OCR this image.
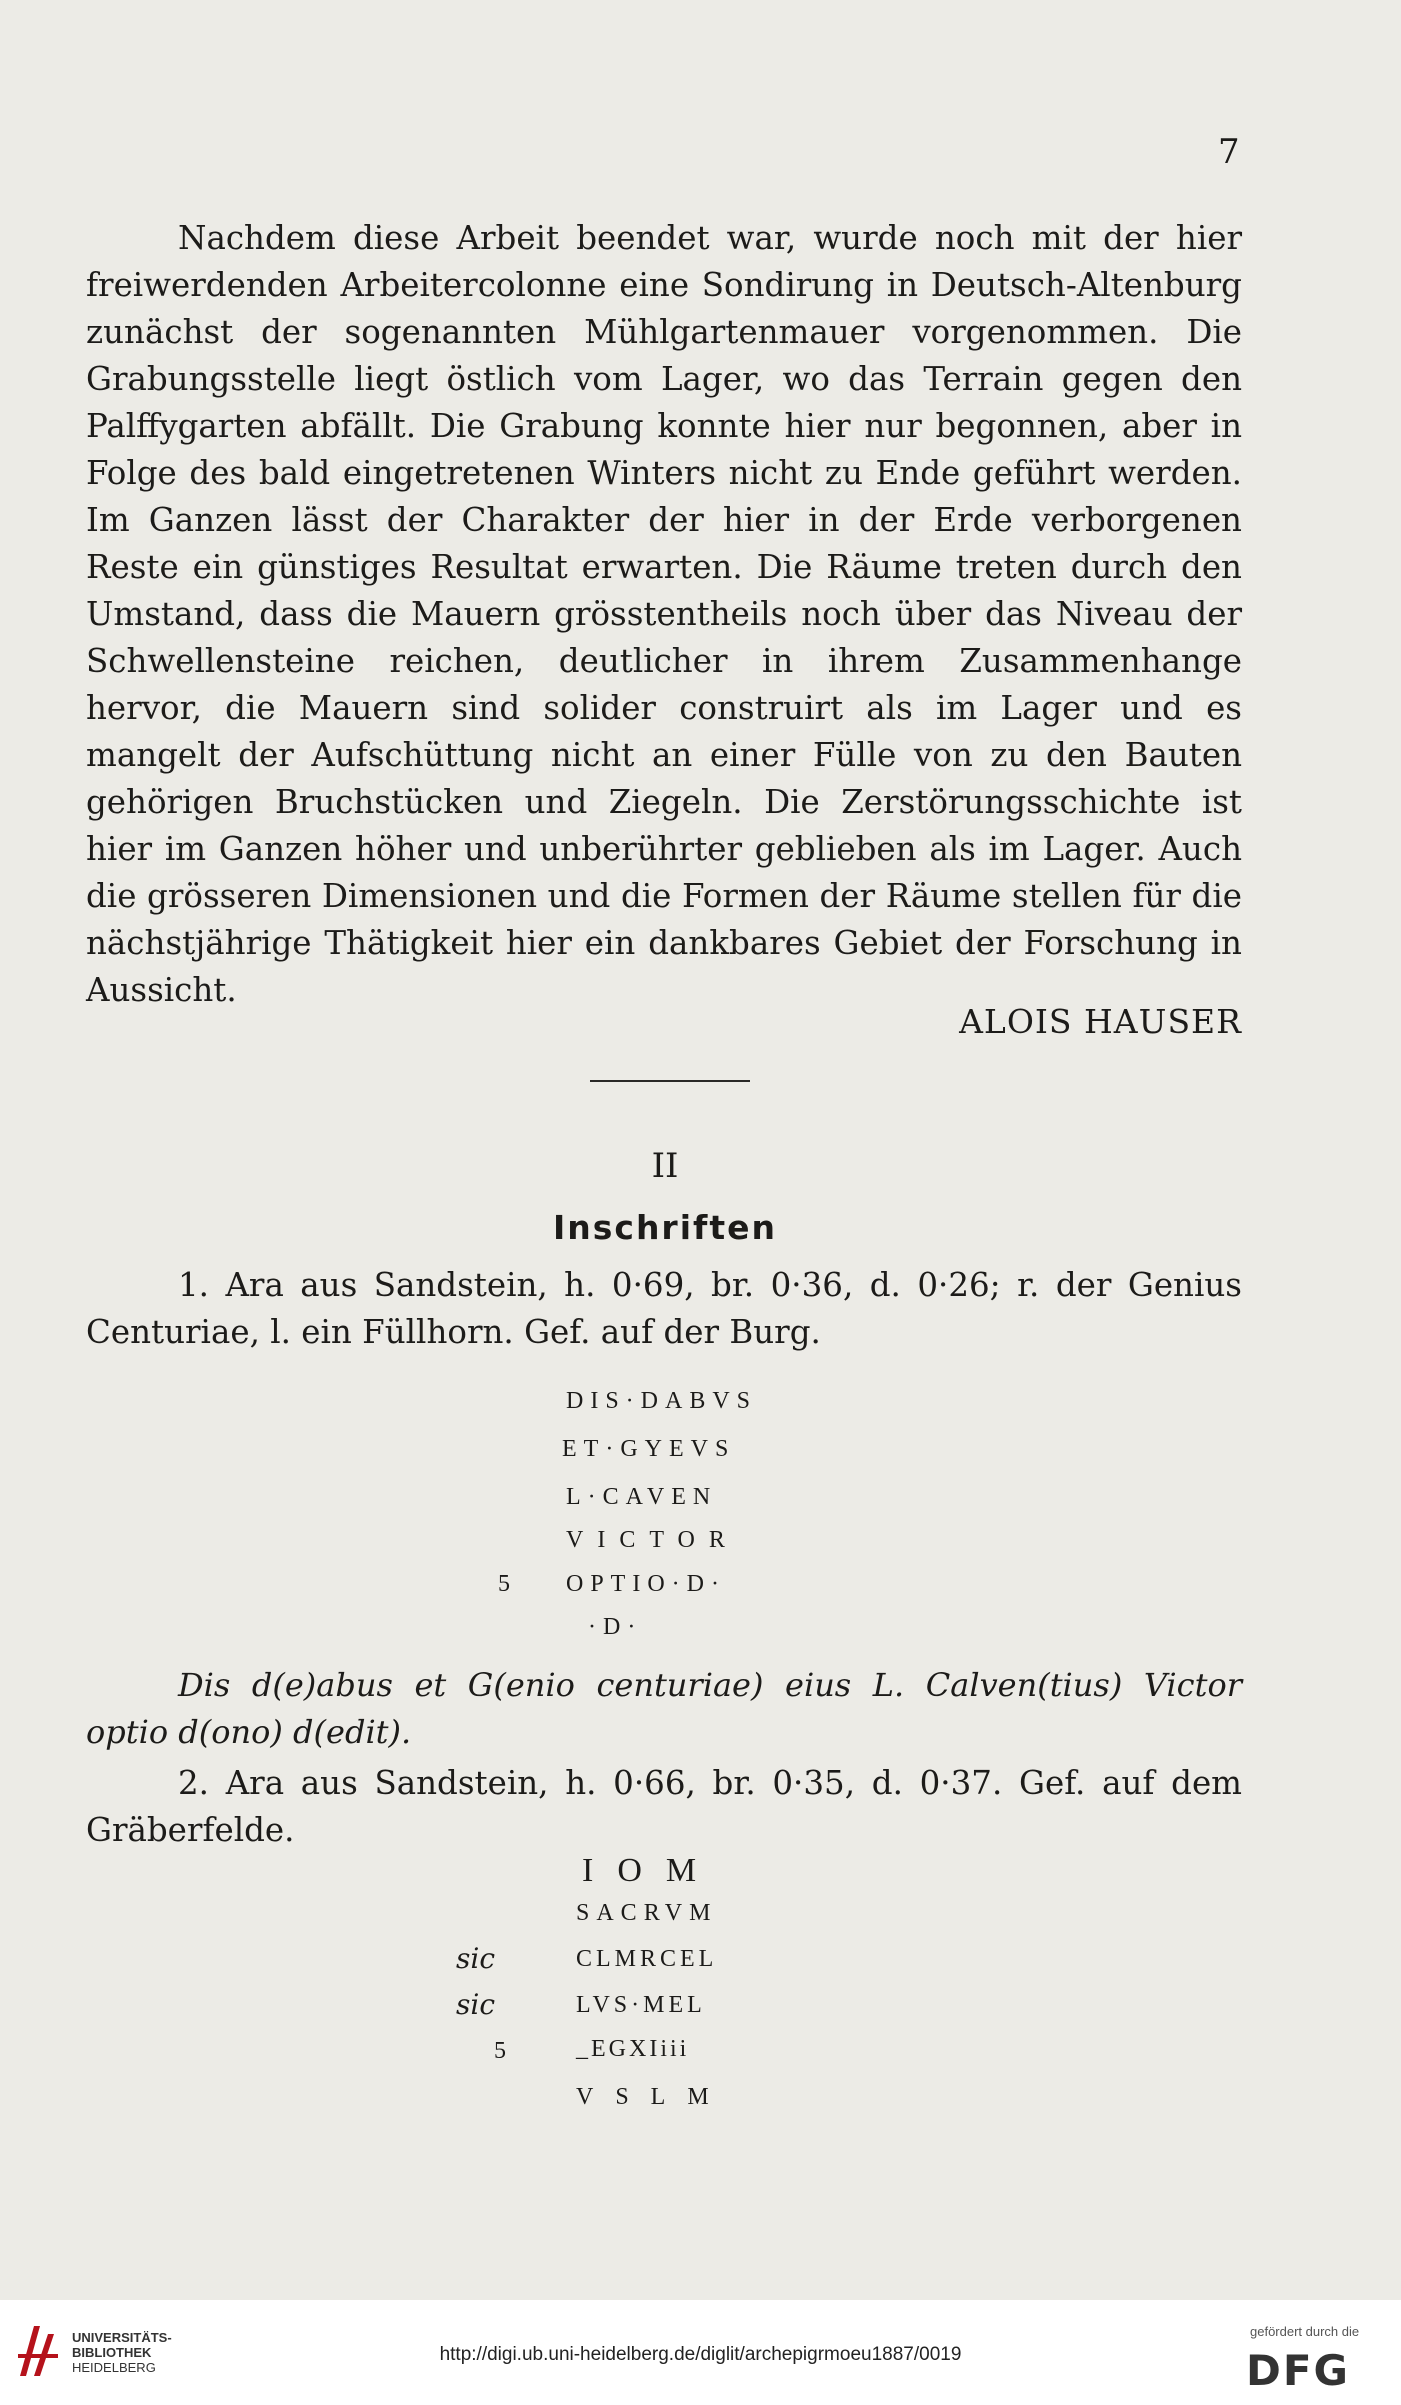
7

Nachdem diese Arbeit beendet war, wurde noch mit der hier freiwerdenden Arbeitercolonne eine Sondirung in Deutsch-Altenburg zunächst der sogenannten Mühlgartenmauer vorgenommen. Die Grabungsstelle liegt östlich vom Lager, wo das Terrain gegen den Palffygarten abfällt. Die Grabung konnte hier nur begonnen, aber in Folge des bald eingetretenen Winters nicht zu Ende geführt werden. Im Ganzen lässt der Charakter der hier in der Erde verborgenen Reste ein günstiges Resultat erwarten. Die Räume treten durch den Umstand, dass die Mauern grösstentheils noch über das Niveau der Schwellensteine reichen, deutlicher in ihrem Zusammenhange hervor, die Mauern sind solider construirt als im Lager und es mangelt der Aufschüttung nicht an einer Fülle von zu den Bauten gehörigen Bruchstücken und Ziegeln. Die Zerstörungsschichte ist hier im Ganzen höher und unberührter geblieben als im Lager. Auch die grösseren Dimensionen und die Formen der Räume stellen für die nächstjährige Thätigkeit hier ein dankbares Gebiet der Forschung in Aussicht.

ALOIS HAUSER
II
Inschriften

1. Ara aus Sandstein, h. 0·69, br. 0·36, d. 0·26; r. der Genius Centuriae, l. ein Füllhorn. Gef. auf der Burg.

DIS·DABVS
ET·GΥEVS
L·CAVEN
VICTOR
5 OPTIO·D·
·D·

Dis d(e)abus et G(enio centuriae) eius L. Calven(tius) Victor optio d(ono) d(edit).

2. Ara aus Sandstein, h. 0·66, br. 0·35, d. 0·37. Gef. auf dem Gräberfelde.

IOM
SACRVM
sic	CLMRCEL
sic	LVS·MEL
5	_EGXIiii
VSLM
UNIVERSITÄTS-
BIBLIOTHEK
HEIDELBERG
http://digi.ub.uni-heidelberg.de/diglit/archepigrmoeu1887/0019
gefördert durch die
DFG
